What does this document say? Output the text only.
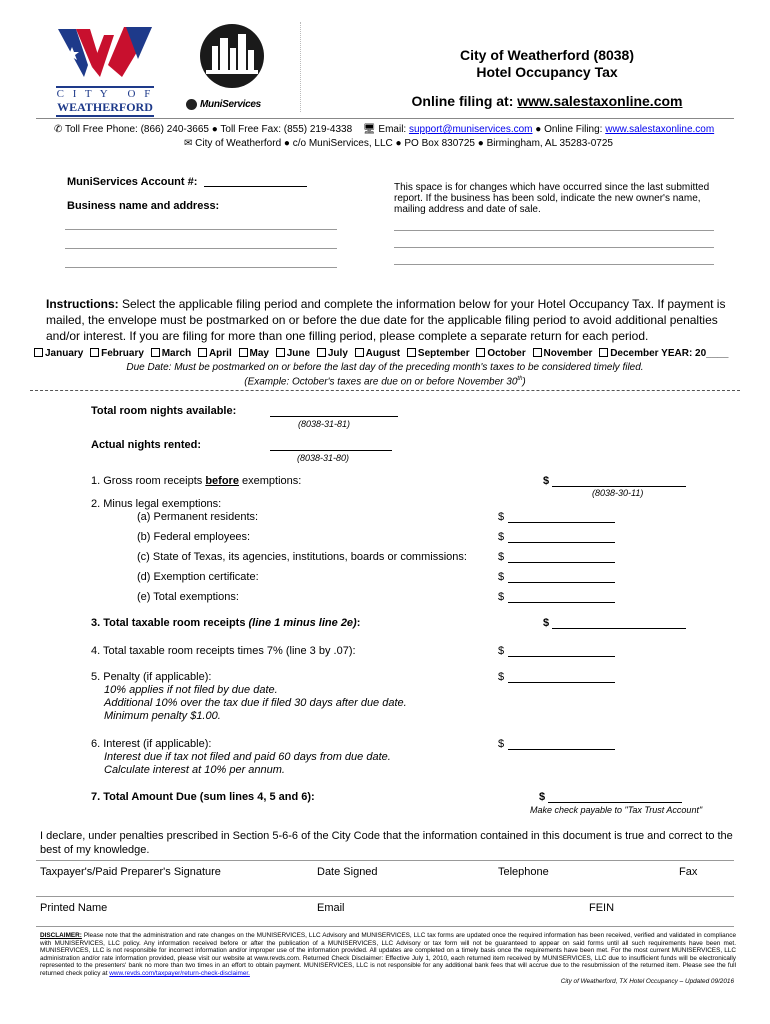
C I T Y   O F
WEATHERFORD	MuniServices
City of Weatherford (8038)
Hotel Occupancy Tax
Online filing at: www.salestaxonline.com
✆ Toll Free Phone: (866) 240-3665 ● Toll Free Fax: (855) 219-4338 🖥 Email: support@muniservices.com ● Online Filing: www.salestaxonline.com
✉ City of Weatherford ● c/o MuniServices, LLC ● PO Box 830725 ● Birmingham, AL 35283-0725
MuniServices Account #:
Business name and address:
This space is for changes which have occurred since the last submitted report. If the business has been sold, indicate the new owner's name, mailing address and date of sale.
Instructions: Select the applicable filing period and complete the information below for your Hotel Occupancy Tax. If payment is mailed, the envelope must be postmarked on or before the due date for the applicable filing period to avoid additional penalties and/or interest. If you are filing for more than one filling period, please complete a separate return for each period.
January February March April May June July August September October November December YEAR: 20____
Due Date: Must be postmarked on or before the last day of the preceding month's taxes to be considered timely filed.
(Example: October's taxes are due on or before November 30th)
Total room nights available:
(8038-31-81)
Actual nights rented:
(8038-31-80)
1. Gross room receipts before exemptions:	$
(8038-30-11)
2. Minus legal exemptions:
(a) Permanent residents:	$
(b) Federal employees:	$
(c) State of Texas, its agencies, institutions, boards or commissions:	$
(d) Exemption certificate:	$
(e) Total exemptions:	$
3. Total taxable room receipts (line 1 minus line 2e):	$
4. Total taxable room receipts times 7% (line 3 by .07):	$
5. Penalty (if applicable):	$
10% applies if not filed by due date.
Additional 10% over the tax due if filed 30 days after due date.
Minimum penalty $1.00.
6. Interest (if applicable):	$
Interest due if tax not filed and paid 60 days from due date.
Calculate interest at 10% per annum.
7. Total Amount Due (sum lines 4, 5 and 6):	$
Make check payable to "Tax Trust Account"
I declare, under penalties prescribed in Section 5-6-6 of the City Code that the information contained in this document is true and correct to the best of my knowledge.
Taxpayer's/Paid Preparer's Signature	Date Signed	Telephone	Fax
Printed Name	Email	FEIN
DISCLAIMER: Please note that the administration and rate changes on the MUNISERVICES, LLC Advisory and MUNISERVICES, LLC tax forms are updated once the required information has been received, verified and validated in compliance with MUNISERVICES, LLC policy. Any information received before or after the publication of a MUNISERVICES, LLC Advisory or tax form will not be guaranteed to appear on said forms until all such requirements have been met. MUNISERVICES, LLC is not responsible for incorrect information and/or improper use of the information provided. All updates are completed on a timely basis once the requirements have been met. For the most current MUNISERVICES, LLC administration and/or rate information provided, please visit our website at www.revds.com. Returned Check Disclaimer: Effective July 1, 2010, each returned item received by MUNISERVICES, LLC due to insufficient funds will be electronically represented to the presenters' bank no more than two times in an effort to obtain payment. MUNISERVICES, LLC is not responsible for any additional bank fees that will accrue due to the resubmission of the returned item. Please see the full returned check policy at www.revds.com/taxpayer/return-check-disclaimer.
City of Weatherford, TX Hotel Occupancy – Updated 09/2016
